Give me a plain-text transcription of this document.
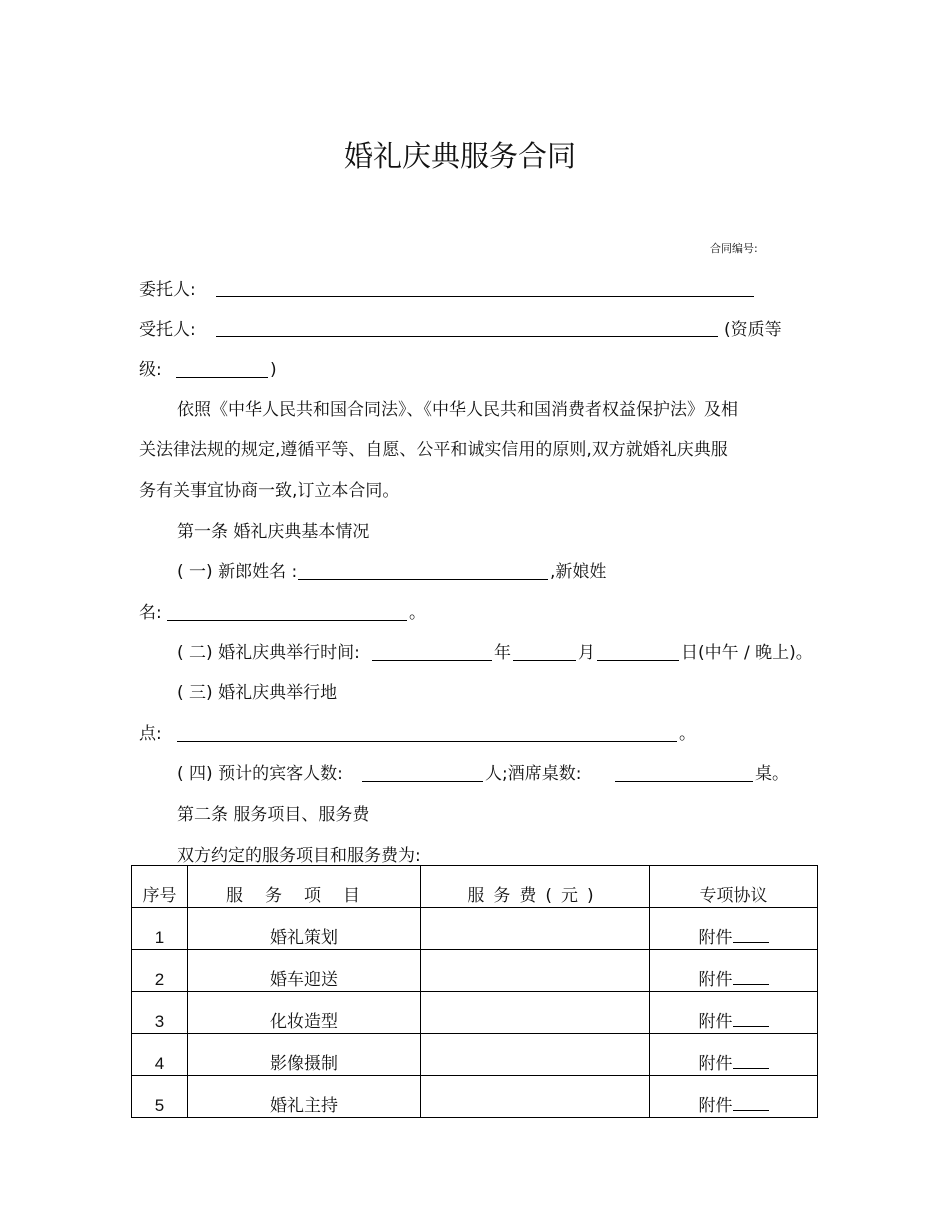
婚礼庆典服务合同
合同编号:
委托人:
受托人:	(资质等
级:	)
依照《中华人民共和国合同法》、《中华人民共和国消费者权益保护法》及相
关法律法规的规定,遵循平等、自愿、公平和诚实信用的原则,双方就婚礼庆典服
务有关事宜协商一致,订立本合同。
第一条 婚礼庆典基本情况
( 一) 新郎姓名 :	,新娘姓
名:	。
( 二) 婚礼庆典举行时间:	年	月	日(中午 / 晚上)。
( 三) 婚礼庆典举行地
点:	。
( 四) 预计的宾客人数:	人;酒席桌数:	桌。
第二条 服务项目、服务费
双方约定的服务项目和服务费为:
序号	服务项目	服务费(元)	专项协议
1	婚礼策划		附件
2	婚车迎送		附件
3	化妆造型		附件
4	影像摄制		附件
5	婚礼主持		附件
